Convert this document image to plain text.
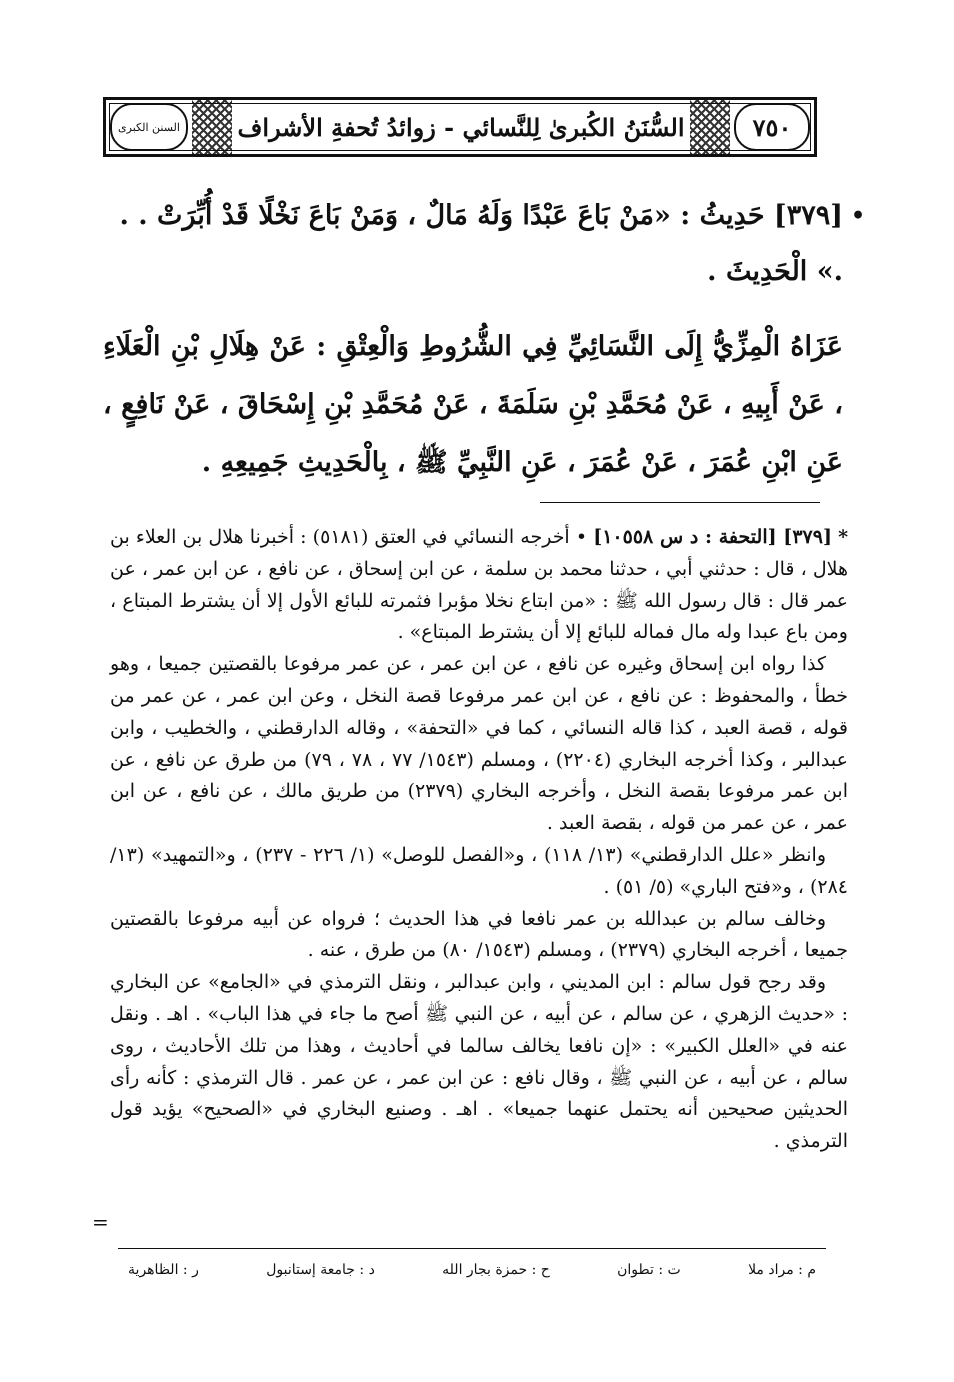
السنن الكبرى السُّنَنُ الكُبرىٰ لِلنَّسائي - زوائدُ تُحفةِ الأشراف	٧٥٠
•
[٣٧٩] حَدِيثُ : «مَنْ بَاعَ عَبْدًا وَلَهُ مَالٌ ، وَمَنْ بَاعَ نَخْلًا قَدْ أُبِّرَتْ . . .» الْحَدِيثَ .
عَزَاهُ الْمِزِّيُّ إِلَى النَّسَائِيِّ فِي الشُّرُوطِ وَالْعِتْقِ : عَنْ هِلَالِ بْنِ الْعَلَاءِ ، عَنْ أَبِيهِ ، عَنْ مُحَمَّدِ بْنِ سَلَمَةَ ، عَنْ مُحَمَّدِ بْنِ إِسْحَاقَ ، عَنْ نَافِعٍ ، عَنِ ابْنِ عُمَرَ ، عَنْ عُمَرَ ، عَنِ النَّبِيِّ ﷺ ، بِالْحَدِيثِ جَمِيعِهِ .

* [٣٧٩] [التحفة : د س ١٠٥٥٨] • أخرجه النسائي في العتق (٥١٨١) : أخبرنا هلال بن العلاء بن هلال ، قال : حدثني أبي ، حدثنا محمد بن سلمة ، عن ابن إسحاق ، عن نافع ، عن ابن عمر ، عن عمر قال : قال رسول الله ﷺ : «من ابتاع نخلا مؤبرا فثمرته للبائع الأول إلا أن يشترط المبتاع ، ومن باع عبدا وله مال فماله للبائع إلا أن يشترط المبتاع» .

كذا رواه ابن إسحاق وغيره عن نافع ، عن ابن عمر ، عن عمر مرفوعا بالقصتين جميعا ، وهو خطأ ، والمحفوظ : عن نافع ، عن ابن عمر مرفوعا قصة النخل ، وعن ابن عمر ، عن عمر من قوله ، قصة العبد ، كذا قاله النسائي ، كما في «التحفة» ، وقاله الدارقطني ، والخطيب ، وابن عبدالبر ، وكذا أخرجه البخاري (٢٢٠٤) ، ومسلم (١٥٤٣/ ٧٧ ، ٧٨ ، ٧٩) من طرق عن نافع ، عن ابن عمر مرفوعا بقصة النخل ، وأخرجه البخاري (٢٣٧٩) من طريق مالك ، عن نافع ، عن ابن عمر ، عن عمر من قوله ، بقصة العبد .

وانظر «علل الدارقطني» (١٣/ ١١٨) ، و«الفصل للوصل» (١/ ٢٢٦ - ٢٣٧) ، و«التمهيد» (١٣/ ٢٨٤) ، و«فتح الباري» (٥/ ٥١) .

وخالف سالم بن عبدالله بن عمر نافعا في هذا الحديث ؛ فرواه عن أبيه مرفوعا بالقصتين جميعا ، أخرجه البخاري (٢٣٧٩) ، ومسلم (١٥٤٣/ ٨٠) من طرق ، عنه .

وقد رجح قول سالم : ابن المديني ، وابن عبدالبر ، ونقل الترمذي في «الجامع» عن البخاري : «حديث الزهري ، عن سالم ، عن أبيه ، عن النبي ﷺ أصح ما جاء في هذا الباب» . اهـ . ونقل عنه في «العلل الكبير» : «إن نافعا يخالف سالما في أحاديث ، وهذا من تلك الأحاديث ، روى سالم ، عن أبيه ، عن النبي ﷺ ، وقال نافع : عن ابن عمر ، عن عمر . قال الترمذي : كأنه رأى الحديثين صحيحين أنه يحتمل عنهما جميعا» . اهـ . وصنيع البخاري في «الصحيح» يؤيد قول الترمذي .

=
م : مراد ملا
ت : تطوان
ح : حمزة بجار الله
د : جامعة إستانبول
ر : الظاهرية
